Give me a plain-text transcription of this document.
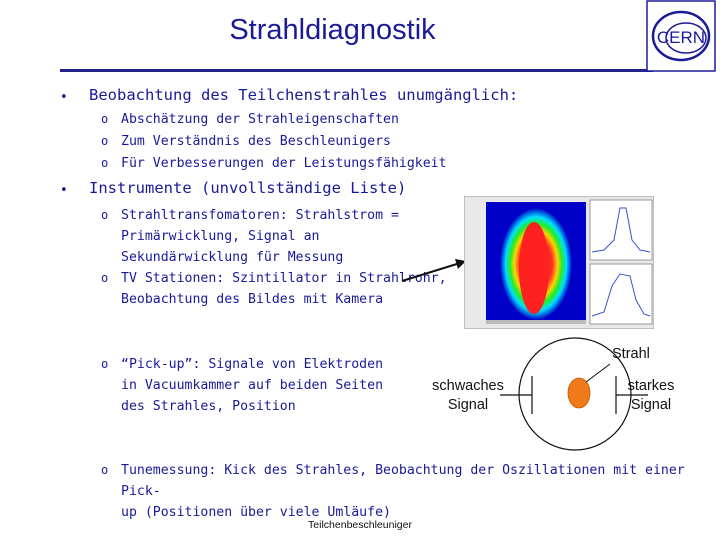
Strahldiagnostik	CERN
• Beobachtung des Teilchenstrahles unumgänglich:
o Abschätzung der Strahleigenschaften
o Zum Verständnis des Beschleunigers
o Für Verbesserungen der Leistungsfähigkeit
• Instrumente (unvollständige Liste)
o Strahltransfomatoren: Strahlstrom =
Primärwicklung, Signal an
Sekundärwicklung für Messung
o TV Stationen: Szintillator in Strahlrohr,
Beobachtung des Bildes mit Kamera
o “Pick-up”: Signale von Elektroden
in Vacuumkammer auf beiden Seiten
des Strahles, Position
o Tunemessung: Kick des Strahles, Beobachtung der Oszillationen mit einer Pick-
up (Positionen über viele Umläufe)
Strahl
schwaches
Signal
starkes
Signal
Teilchenbeschleuniger
